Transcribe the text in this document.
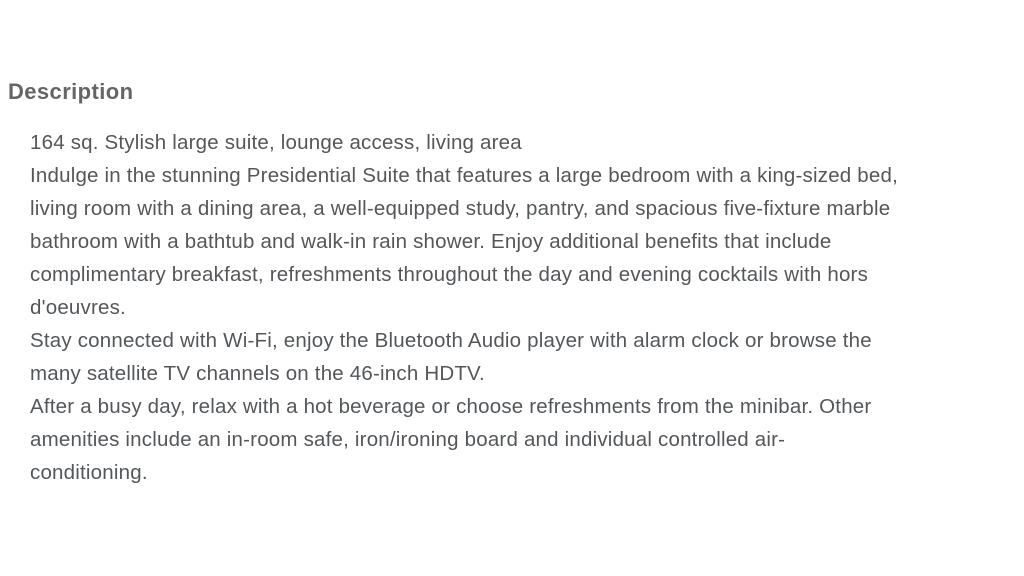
Description
164 sq. Stylish large suite, lounge access, living area
Indulge in the stunning Presidential Suite that features a large bedroom with a king-sized bed,
living room with a dining area, a well-equipped study, pantry, and spacious five-fixture marble
bathroom with a bathtub and walk-in rain shower. Enjoy additional benefits that include
complimentary breakfast, refreshments throughout the day and evening cocktails with hors
d'oeuvres.
Stay connected with Wi-Fi, enjoy the Bluetooth Audio player with alarm clock or browse the
many satellite TV channels on the 46-inch HDTV.
After a busy day, relax with a hot beverage or choose refreshments from the minibar. Other
amenities include an in-room safe, iron/ironing board and individual controlled air-
conditioning.
